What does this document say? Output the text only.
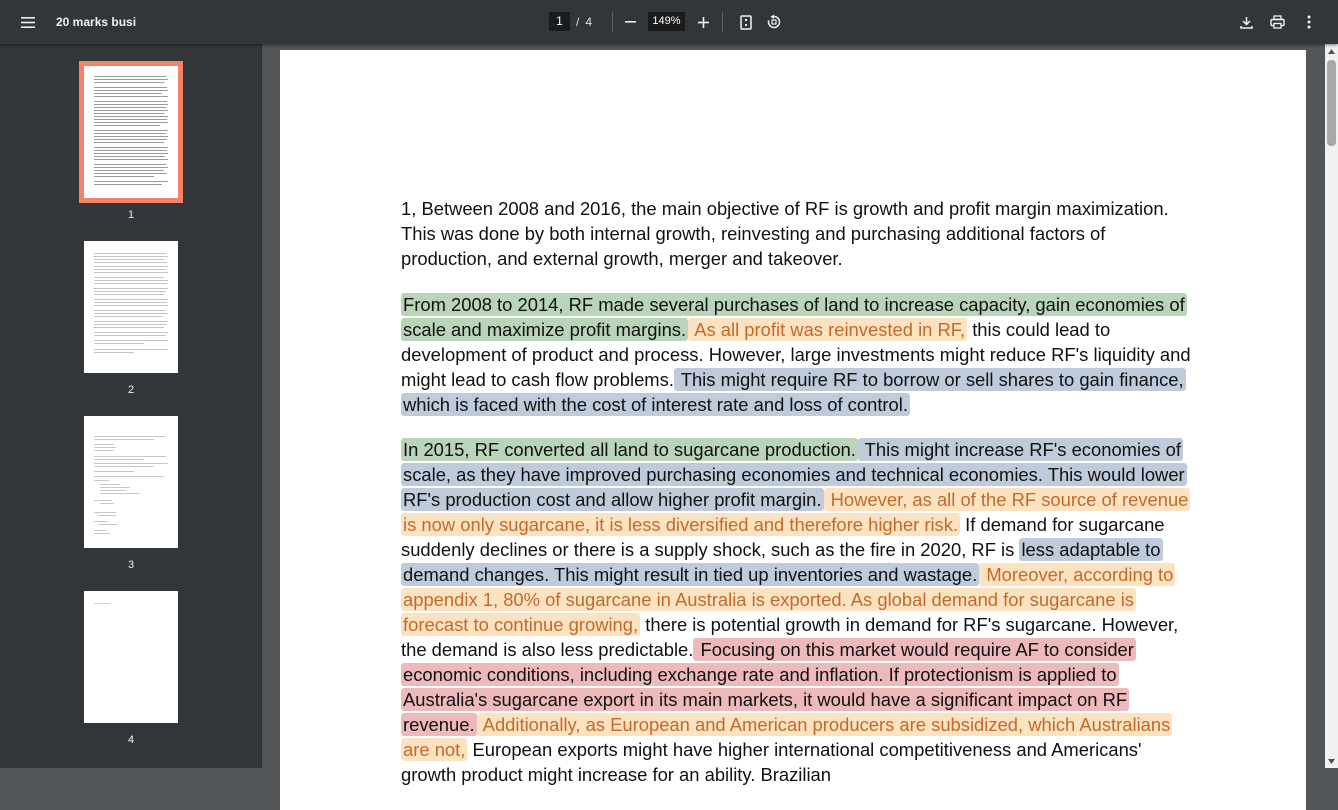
20 marks busi	1	/ 4	149%
1
2
3
4

1, Between 2008 and 2016, the main objective of RF is growth and profit margin maximization. This was done by both internal growth, reinvesting and purchasing additional factors of production, and external growth, merger and takeover.

From 2008 to 2014, RF made several purchases of land to increase capacity, gain economies of scale and maximize profit margins. As all profit was reinvested in RF, this could lead to development of product and process. However, large investments might reduce RF's liquidity and might lead to cash flow problems. This might require RF to borrow or sell shares to gain finance, which is faced with the cost of interest rate and loss of control.

In 2015, RF converted all land to sugarcane production. This might increase RF's economies of scale, as they have improved purchasing economies and technical economies. This would lower RF's production cost and allow higher profit margin. However, as all of the RF source of revenue is now only sugarcane, it is less diversified and therefore higher risk. If demand for sugarcane suddenly declines or there is a supply shock, such as the fire in 2020, RF is less adaptable to demand changes. This might result in tied up inventories and wastage. Moreover, according to appendix 1, 80% of sugarcane in Australia is exported. As global demand for sugarcane is forecast to continue growing, there is potential growth in demand for RF's sugarcane. However, the demand is also less predictable. Focusing on this market would require AF to consider economic conditions, including exchange rate and inflation. If protectionism is applied to Australia's sugarcane export in its main markets, it would have a significant impact on RF revenue. Additionally, as European and American producers are subsidized, which Australians are not, European exports might have higher international competitiveness and Americans' growth product might increase for an ability. Brazilian
